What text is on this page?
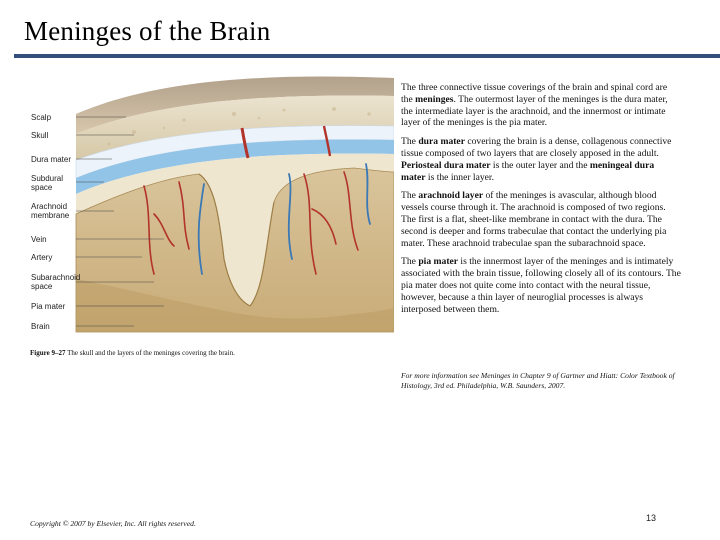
Meninges of the Brain
Scalp
Skull
Dura mater
Subdural space
Arachnoid membrane
Vein
Artery
Subarachnoid space
Pia mater
Brain
Figure 9–27 The skull and the layers of the meninges covering the brain.

The three connective tissue coverings of the brain and spinal cord are the meninges. The outermost layer of the meninges is the dura mater, the intermediate layer is the arachnoid, and the innermost or intimate layer of the meninges is the pia mater.

The dura mater covering the brain is a dense, collagenous connective tissue composed of two layers that are closely apposed in the adult. Periosteal dura mater is the outer layer and the meningeal dura mater is the inner layer.

The arachnoid layer of the meninges is avascular, although blood vessels course through it. The arachnoid is composed of two regions. The first is a flat, sheet-like membrane in contact with the dura. The second is deeper and forms trabeculae that contact the underlying pia mater. These arachnoid trabeculae span the subarachnoid space.

The pia mater is the innermost layer of the meninges and is intimately associated with the brain tissue, following closely all of its contours. The pia mater does not quite come into contact with the neural tissue, however, because a thin layer of neuroglial processes is always interposed between them.

For more information see Meninges in Chapter 9 of Gartner and Hiatt: Color Textbook of Histology, 3rd ed. Philadelphia, W.B. Saunders, 2007.
Copyright © 2007 by Elsevier, Inc. All rights reserved.
13
